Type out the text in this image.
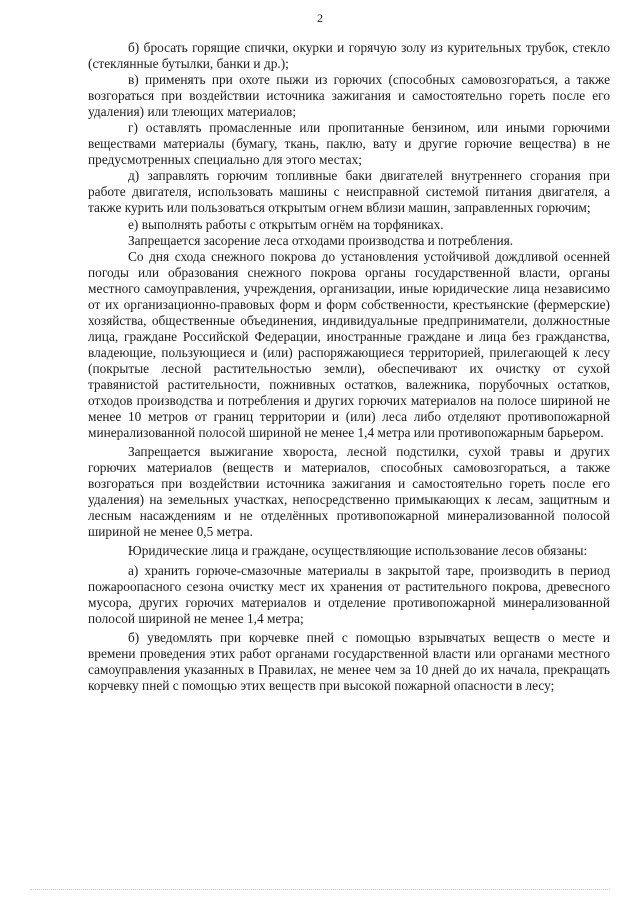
2

б) бросать горящие спички, окурки и горячую золу из курительных трубок, стекло (стеклянные бутылки, банки и др.);

в) применять при охоте пыжи из горючих (способных самовозгораться, а также возгораться при воздействии источника зажигания и самостоятельно гореть после его удаления) или тлеющих материалов;

г) оставлять промасленные или пропитанные бензином, или иными горючими веществами материалы (бумагу, ткань, паклю, вату и другие горючие вещества) в не предусмотренных специально для этого местах;

д) заправлять горючим топливные баки двигателей внутреннего сгорания при работе двигателя, использовать машины с неисправной системой питания двигателя, а также курить или пользоваться открытым огнем вблизи машин, заправленных горючим;

е) выполнять работы с открытым огнём на торфяниках.

Запрещается засорение леса отходами производства и потребления.

Со дня схода снежного покрова до установления устойчивой дождливой осенней погоды или образования снежного покрова органы государственной власти, органы местного самоуправления, учреждения, организации, иные юридические лица независимо от их организационно-правовых форм и форм собственности, крестьянские (фермерские) хозяйства, общественные объединения, индивидуальные предприниматели, должностные лица, граждане Российской Федерации, иностранные граждане и лица без гражданства, владеющие, пользующиеся и (или) распоряжающиеся территорией, прилегающей к лесу (покрытые лесной растительностью земли), обеспечивают их очистку от сухой травянистой растительности, пожнивных остатков, валежника, порубочных остатков, отходов производства и потребления и других горючих материалов на полосе шириной не менее 10 метров от границ территории и (или) леса либо отделяют противопожарной минерализованной полосой шириной не менее 1,4 метра или противопожарным барьером.

Запрещается выжигание хвороста, лесной подстилки, сухой травы и других горючих материалов (веществ и материалов, способных самовозгораться, а также возгораться при воздействии источника зажигания и самостоятельно гореть после его удаления) на земельных участках, непосредственно примыкающих к лесам, защитным и лесным насаждениям и не отделённых противопожарной минерализованной полосой шириной не менее 0,5 метра.

Юридические лица и граждане, осуществляющие использование лесов обязаны:

а) хранить горюче-смазочные материалы в закрытой таре, производить в период пожароопасного сезона очистку мест их хранения от растительного покрова, древесного мусора, других горючих материалов и отделение противопожарной минерализованной полосой шириной не менее 1,4 метра;

б) уведомлять при корчевке пней с помощью взрывчатых веществ о месте и времени проведения этих работ органами государственной власти или органами местного самоуправления указанных в Правилах, не менее чем за 10 дней до их начала, прекращать корчевку пней с помощью этих веществ при высокой пожарной опасности в лесу;
